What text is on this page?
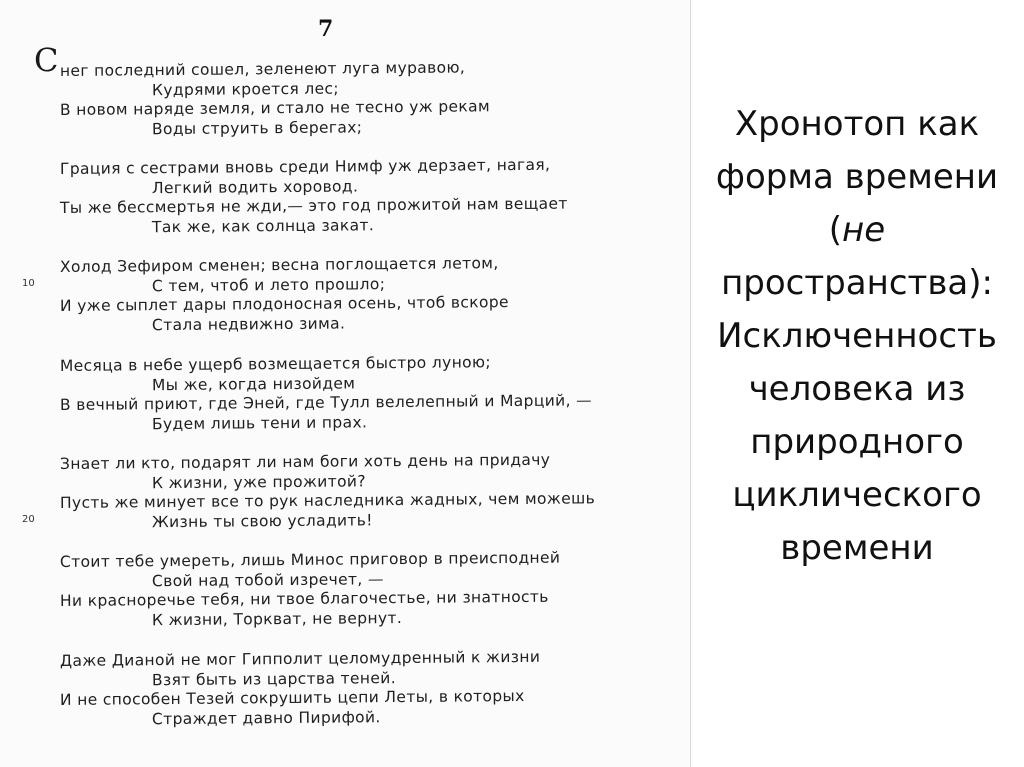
7
С
10
20
нег последний сошел, зеленеют луга муравою,
Кудрями кроется лес;
В новом наряде земля, и стало не тесно уж рекам
Воды струить в берегах;
Грация с сестрами вновь среди Нимф уж дерзает, нагая,
Легкий водить хоровод.
Ты же бессмертья не жди,— это год прожитой нам вещает
Так же, как солнца закат.
Холод Зефиром сменен; весна поглощается летом,
С тем, чтоб и лето прошло;
И уже сыплет дары плодоносная осень, чтоб вскоре
Стала недвижно зима.
Месяца в небе ущерб возмещается быстро луною;
Мы же, когда низойдем
В вечный приют, где Эней, где Тулл велелепный и Марций, —
Будем лишь тени и прах.
Знает ли кто, подарят ли нам боги хоть день на придачу
К жизни, уже прожитой?
Пусть же минует все то рук наследника жадных, чем можешь
Жизнь ты свою усладить!
Стоит тебе умереть, лишь Минос приговор в преисподней
Свой над тобой изречет, —
Ни красноречье тебя, ни твое благочестье, ни знатность
К жизни, Торкват, не вернут.
Даже Дианой не мог Гипполит целомудренный к жизни
Взят быть из царства теней.
И не способен Тезей сокрушить цепи Леты, в которых
Страждет давно Пирифой.
Хронотоп как
форма времени
(не
пространства):
Исключенность
человека из
природного
циклического
времени
